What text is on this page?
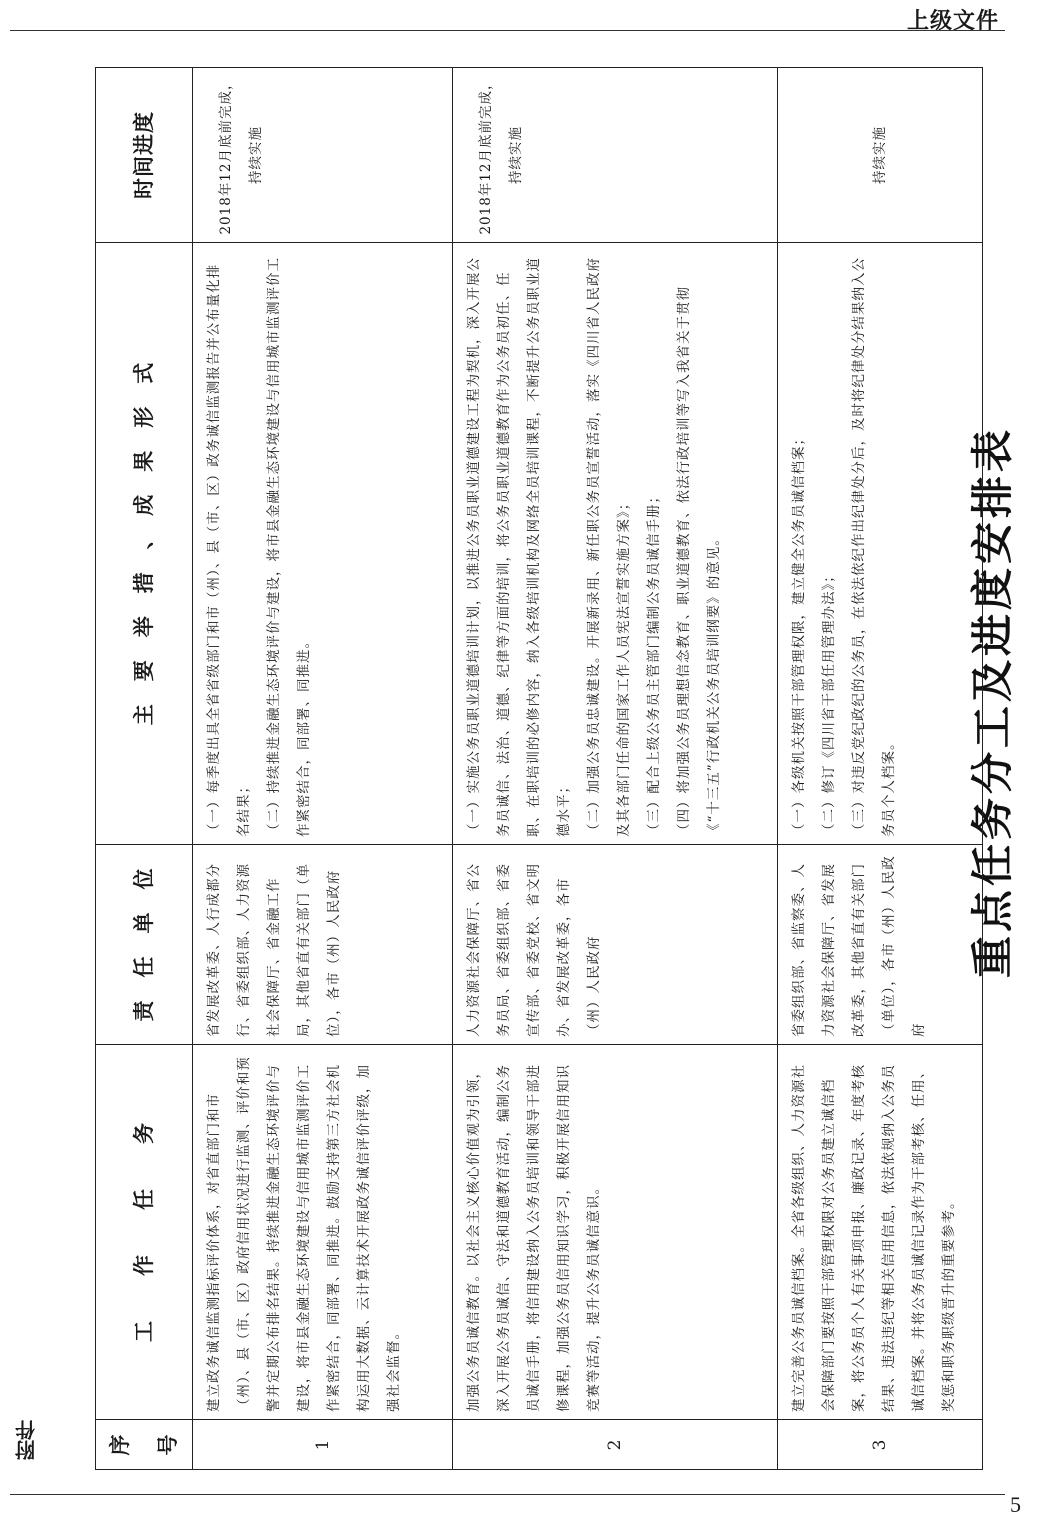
上级文件
附件
5
重点任务分工及进度安排表
序号	工　　作　　任　　务	责　任　单　位	主　要　举　措　、　成　果　形　式	时间进度
1	建立政务诚信监测指标评价体系，对省直部门和市（州）、县（市、区）政府信用状况进行监测、评价和预警并定期公布排名结果。持续推进金融生态环境评价与建设，将市县金融生态环境建设与信用城市监测评价工作紧密结合，同部署、同推进。鼓励支持第三方社会机构运用大数据、云计算技术开展政务诚信评价评级，加强社会监督。	省发展改革委、人行成都分行、省委组织部、人力资源社会保障厅、省金融工作局，其他省直有关部门（单位），各市（州）人民政府	（一）每季度出具全省省级部门和市（州）、县（市、区）政务诚信监测报告并公布量化排名结果； （二）持续推进金融生态环境评价与建设，将市县金融生态环境建设与信用城市监测评价工作紧密结合，同部署、同推进。	2018年12月底前完成，持续实施
2	加强公务员诚信教育。以社会主义核心价值观为引领，深入开展公务员诚信、守法和道德教育活动，编制公务员诚信手册，将信用建设纳入公务员培训和领导干部进修课程，加强公务员信用知识学习，积极开展信用知识竞赛等活动，提升公务员诚信意识。	人力资源社会保障厅、省公务员局、省委组织部、省委宣传部、省委党校、省文明办、省发展改革委，各市（州）人民政府	（一）实施公务员职业道德培训计划，以推进公务员职业道德建设工程为契机，深入开展公务员诚信、法治、道德、纪律等方面的培训，将公务员职业道德教育作为公务员初任、任职、在职培训的必修内容，纳入各级培训机构及网络全员培训课程，不断提升公务员职业道德水平； （二）加强公务员忠诚建设。开展新录用、新任职公务员宣誓活动，落实《四川省人民政府及其各部门任命的国家工作人员宪法宣誓实施方案》； （三）配合上级公务员主管部门编制公务员诚信手册； （四）将加强公务员理想信念教育、职业道德教育、依法行政培训等写入我省关于贯彻《“十三五”行政机关公务员培训纲要》的意见。	2018年12月底前完成，持续实施
3	建立完善公务员诚信档案。全省各级组织、人力资源社会保障部门要按照干部管理权限对公务员建立诚信档案，将公务员个人有关事项申报、廉政记录、年度考核结果、违法违纪等相关信用信息，依法依规纳入公务员诚信档案。并将公务员诚信记录作为干部考核、任用、奖惩和职务职级晋升的重要参考。	省委组织部、省监察委、人力资源社会保障厅、省发展改革委，其他省直有关部门（单位），各市（州）人民政府	（一）各级机关按照干部管理权限，建立健全公务员诚信档案； （二）修订《四川省干部任用管理办法》； （三）对违反党纪政纪的公务员，在依法依纪作出纪律处分后，及时将纪律处分结果纳入公务员个人档案。	持续实施
